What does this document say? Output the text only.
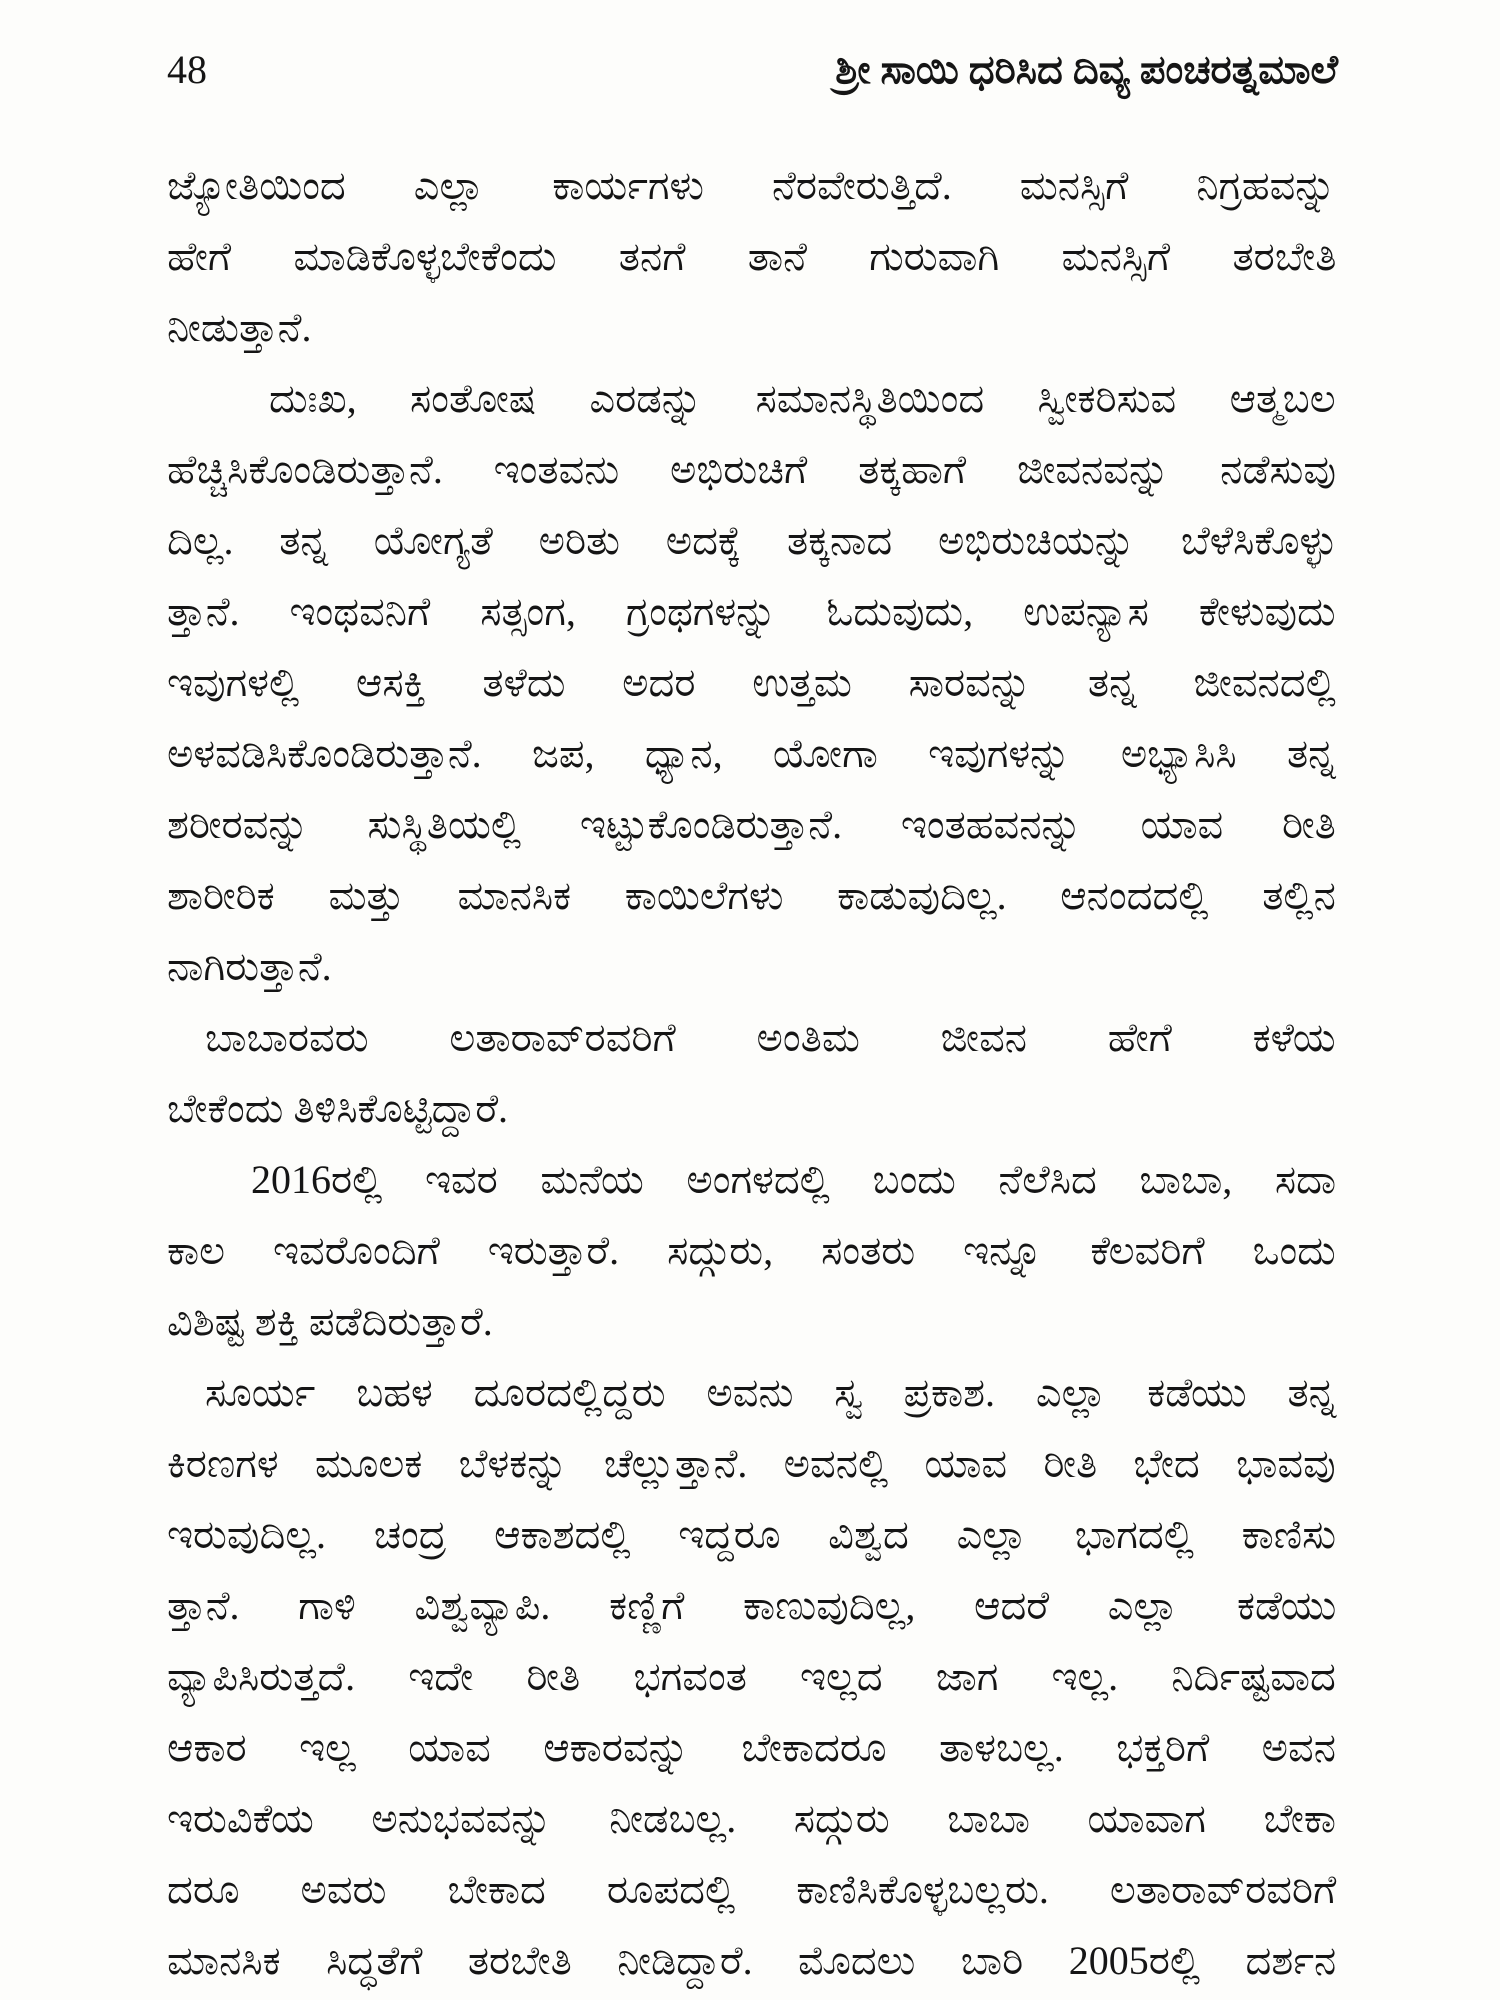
48	ಶ್ರೀ ಸಾಯಿ ಧರಿಸಿದ ದಿವ್ಯ ಪಂಚರತ್ನಮಾಲೆ
ಜ್ಯೋತಿಯಿಂದ ಎಲ್ಲಾ ಕಾರ್ಯಗಳು ನೆರವೇರುತ್ತಿದೆ. ಮನಸ್ಸಿಗೆ ನಿಗ್ರಹವನ್ನು
ಹೇಗೆ ಮಾಡಿಕೊಳ್ಳಬೇಕೆಂದು ತನಗೆ ತಾನೆ ಗುರುವಾಗಿ ಮನಸ್ಸಿಗೆ ತರಬೇತಿ
ನೀಡುತ್ತಾನೆ.
ದುಃಖ, ಸಂತೋಷ ಎರಡನ್ನು ಸಮಾನಸ್ಥಿತಿಯಿಂದ ಸ್ವೀಕರಿಸುವ ಆತ್ಮಬಲ
ಹೆಚ್ಚಿಸಿಕೊಂಡಿರುತ್ತಾನೆ. ಇಂತವನು ಅಭಿರುಚಿಗೆ ತಕ್ಕಹಾಗೆ ಜೀವನವನ್ನು ನಡೆಸುವು
ದಿಲ್ಲ. ತನ್ನ ಯೋಗ್ಯತೆ ಅರಿತು ಅದಕ್ಕೆ ತಕ್ಕನಾದ ಅಭಿರುಚಿಯನ್ನು ಬೆಳೆಸಿಕೊಳ್ಳು
ತ್ತಾನೆ. ಇಂಥವನಿಗೆ ಸತ್ಸಂಗ, ಗ್ರಂಥಗಳನ್ನು ಓದುವುದು, ಉಪನ್ಯಾಸ ಕೇಳುವುದು
ಇವುಗಳಲ್ಲಿ ಆಸಕ್ತಿ ತಳೆದು ಅದರ ಉತ್ತಮ ಸಾರವನ್ನು ತನ್ನ ಜೀವನದಲ್ಲಿ
ಅಳವಡಿಸಿಕೊಂಡಿರುತ್ತಾನೆ. ಜಪ, ಧ್ಯಾನ, ಯೋಗಾ ಇವುಗಳನ್ನು ಅಭ್ಯಾಸಿಸಿ ತನ್ನ
ಶರೀರವನ್ನು ಸುಸ್ಥಿತಿಯಲ್ಲಿ ಇಟ್ಟುಕೊಂಡಿರುತ್ತಾನೆ. ಇಂತಹವನನ್ನು ಯಾವ ರೀತಿ
ಶಾರೀರಿಕ ಮತ್ತು ಮಾನಸಿಕ ಕಾಯಿಲೆಗಳು ಕಾಡುವುದಿಲ್ಲ. ಆನಂದದಲ್ಲಿ ತಲ್ಲಿನ
ನಾಗಿರುತ್ತಾನೆ.
ಬಾಬಾರವರು ಲತಾರಾವ್‌ರವರಿಗೆ ಅಂತಿಮ ಜೀವನ ಹೇಗೆ ಕಳೆಯ
ಬೇಕೆಂದು ತಿಳಿಸಿಕೊಟ್ಟಿದ್ದಾರೆ.
2016ರಲ್ಲಿ ಇವರ ಮನೆಯ ಅಂಗಳದಲ್ಲಿ ಬಂದು ನೆಲೆಸಿದ ಬಾಬಾ, ಸದಾ
ಕಾಲ ಇವರೊಂದಿಗೆ ಇರುತ್ತಾರೆ. ಸದ್ಗುರು, ಸಂತರು ಇನ್ನೂ ಕೆಲವರಿಗೆ ಒಂದು
ವಿಶಿಷ್ಟ ಶಕ್ತಿ ಪಡೆದಿರುತ್ತಾರೆ.
ಸೂರ್ಯ ಬಹಳ ದೂರದಲ್ಲಿದ್ದರು ಅವನು ಸ್ವ ಪ್ರಕಾಶ. ಎಲ್ಲಾ ಕಡೆಯು ತನ್ನ
ಕಿರಣಗಳ ಮೂಲಕ ಬೆಳಕನ್ನು ಚೆಲ್ಲುತ್ತಾನೆ. ಅವನಲ್ಲಿ ಯಾವ ರೀತಿ ಭೇದ ಭಾವವು
ಇರುವುದಿಲ್ಲ. ಚಂದ್ರ ಆಕಾಶದಲ್ಲಿ ಇದ್ದರೂ ವಿಶ್ವದ ಎಲ್ಲಾ ಭಾಗದಲ್ಲಿ ಕಾಣಿಸು
ತ್ತಾನೆ. ಗಾಳಿ ವಿಶ್ವವ್ಯಾಪಿ. ಕಣ್ಣಿಗೆ ಕಾಣುವುದಿಲ್ಲ, ಆದರೆ ಎಲ್ಲಾ ಕಡೆಯು
ವ್ಯಾಪಿಸಿರುತ್ತದೆ. ಇದೇ ರೀತಿ ಭಗವಂತ ಇಲ್ಲದ ಜಾಗ ಇಲ್ಲ. ನಿರ್ದಿಷ್ಟವಾದ
ಆಕಾರ ಇಲ್ಲ ಯಾವ ಆಕಾರವನ್ನು ಬೇಕಾದರೂ ತಾಳಬಲ್ಲ. ಭಕ್ತರಿಗೆ ಅವನ
ಇರುವಿಕೆಯ ಅನುಭವವನ್ನು ನೀಡಬಲ್ಲ. ಸದ್ಗುರು ಬಾಬಾ ಯಾವಾಗ ಬೇಕಾ
ದರೂ ಅವರು ಬೇಕಾದ ರೂಪದಲ್ಲಿ ಕಾಣಿಸಿಕೊಳ್ಳಬಲ್ಲರು. ಲತಾರಾವ್‌ರವರಿಗೆ
ಮಾನಸಿಕ ಸಿದ್ಧತೆಗೆ ತರಬೇತಿ ನೀಡಿದ್ದಾರೆ. ಮೊದಲು ಬಾರಿ 2005ರಲ್ಲಿ ದರ್ಶನ
